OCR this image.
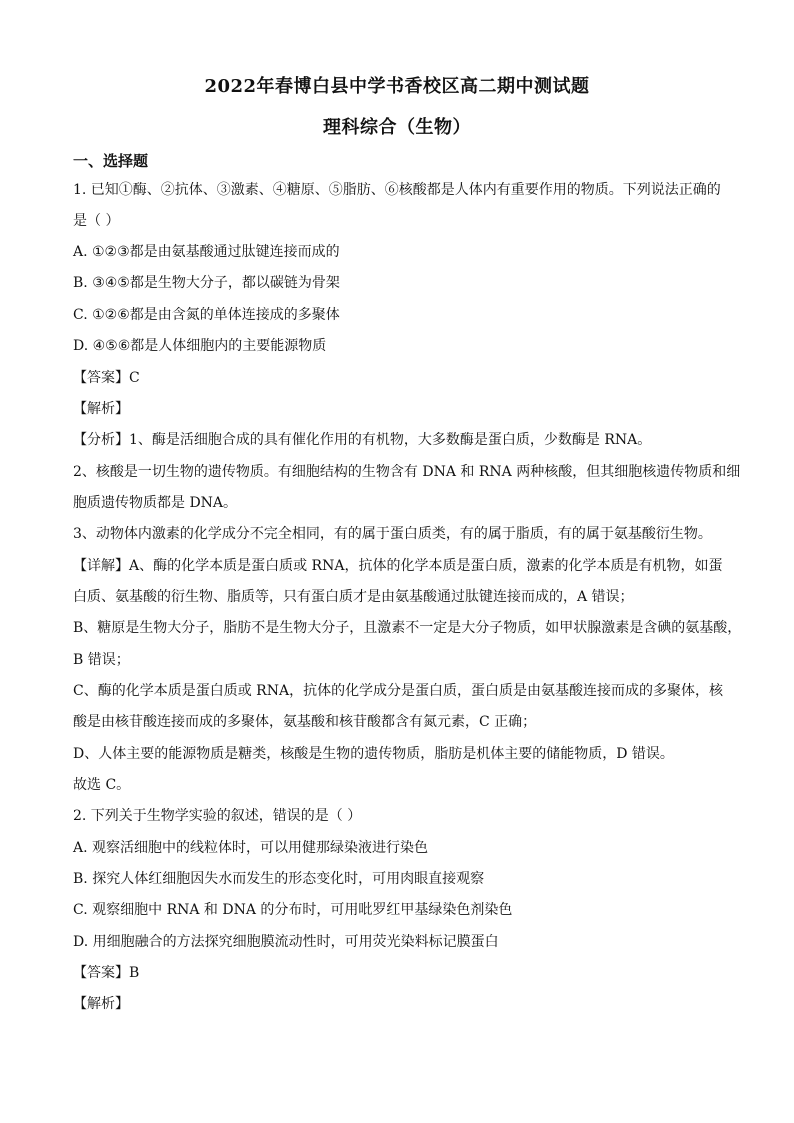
2022年春博白县中学书香校区高二期中测试题
理科综合（生物）
一、选择题
1. 已知①酶、②抗体、③激素、④糖原、⑤脂肪、⑥核酸都是人体内有重要作用的物质。下列说法正确的
是（ ）
A. ①②③都是由氨基酸通过肽键连接而成的
B. ③④⑤都是生物大分子，都以碳链为骨架
C. ①②⑥都是由含氮的单体连接成的多聚体
D. ④⑤⑥都是人体细胞内的主要能源物质
【答案】C
【解析】
【分析】1、酶是活细胞合成的具有催化作用的有机物，大多数酶是蛋白质，少数酶是 RNA。
2、核酸是一切生物的遗传物质。有细胞结构的生物含有 DNA 和 RNA 两种核酸，但其细胞核遗传物质和细
胞质遗传物质都是 DNA。
3、动物体内激素的化学成分不完全相同，有的属于蛋白质类，有的属于脂质，有的属于氨基酸衍生物。
【详解】A、酶的化学本质是蛋白质或 RNA，抗体的化学本质是蛋白质，激素的化学本质是有机物，如蛋
白质、氨基酸的衍生物、脂质等，只有蛋白质才是由氨基酸通过肽键连接而成的，A 错误；
B、糖原是生物大分子，脂肪不是生物大分子，且激素不一定是大分子物质，如甲状腺激素是含碘的氨基酸，
B 错误；
C、酶的化学本质是蛋白质或 RNA，抗体的化学成分是蛋白质，蛋白质是由氨基酸连接而成的多聚体，核
酸是由核苷酸连接而成的多聚体，氨基酸和核苷酸都含有氮元素，C 正确；
D、人体主要的能源物质是糖类，核酸是生物的遗传物质，脂肪是机体主要的储能物质，D 错误。
故选 C。
2. 下列关于生物学实验的叙述，错误的是（ ）
A. 观察活细胞中的线粒体时，可以用健那绿染液进行染色
B. 探究人体红细胞因失水而发生的形态变化时，可用肉眼直接观察
C. 观察细胞中 RNA 和 DNA 的分布时，可用吡罗红甲基绿染色剂染色
D. 用细胞融合的方法探究细胞膜流动性时，可用荧光染料标记膜蛋白
【答案】B
【解析】
